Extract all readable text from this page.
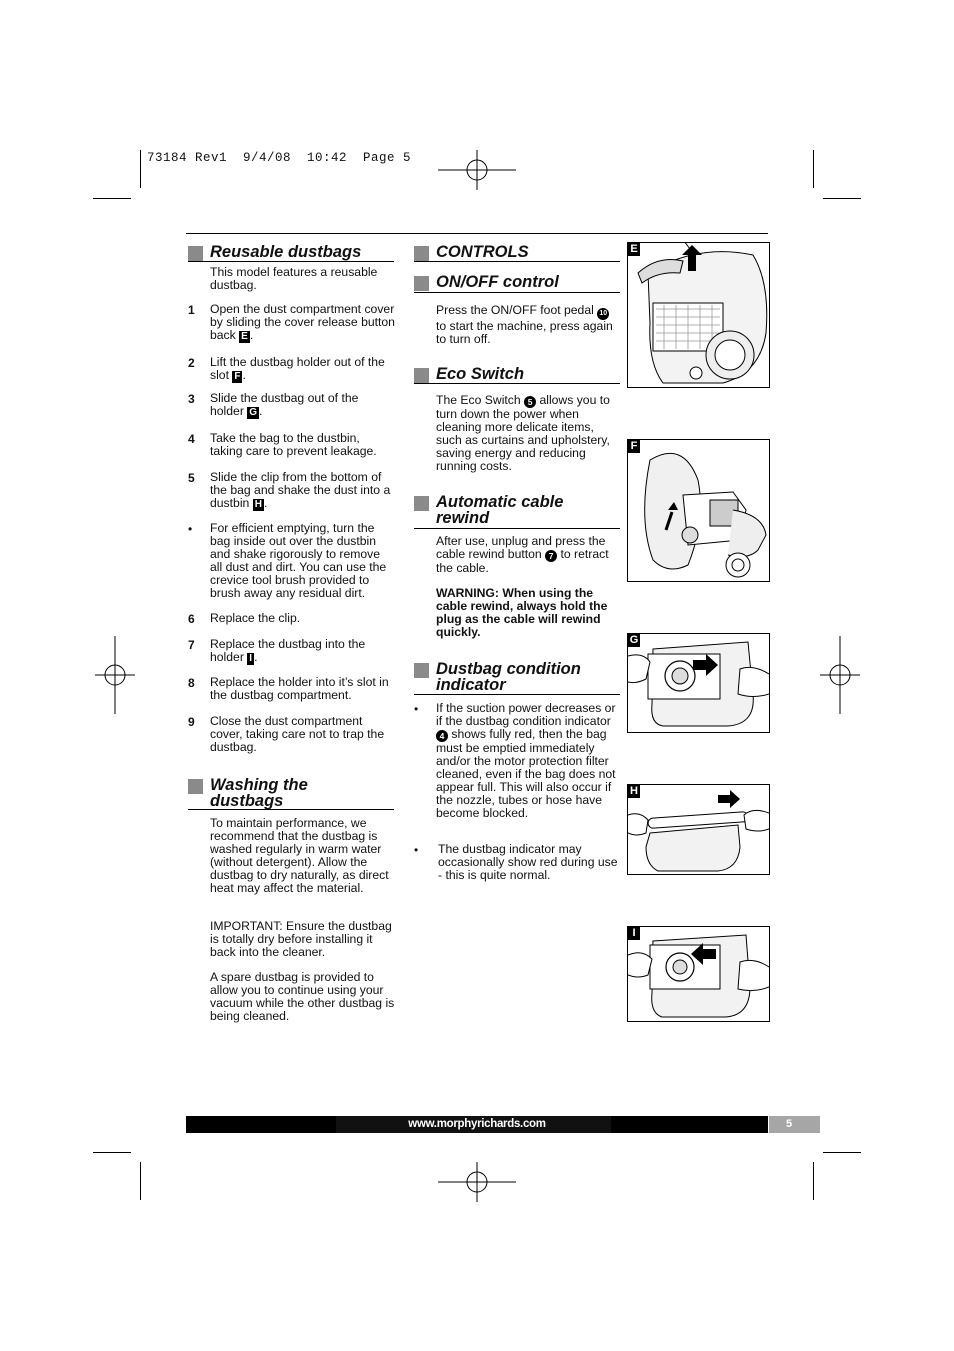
73184 Rev1  9/4/08  10:42  Page 5
Reusable dustbags
This model features a reusable dustbag.
1 Open the dust compartment cover by sliding the cover release button back E .
2 Lift the dustbag holder out of the slot F .
3 Slide the dustbag out of the holder G .
4 Take the bag to the dustbin, taking care to prevent leakage.
5 Slide the clip from the bottom of the bag and shake the dust into a dustbin H .
• For efficient emptying, turn the bag inside out over the dustbin and shake rigorously to remove all dust and dirt. You can use the crevice tool brush provided to brush away any residual dirt.
6 Replace the clip.
7 Replace the dustbag into the holder I .
8 Replace the holder into it’s slot in the dustbag compartment.
9 Close the dust compartment cover, taking care not to trap the dustbag.
Washing the
dustbags
To maintain performance, we recommend that the dustbag is washed regularly in warm water (without detergent). Allow the dustbag to dry naturally, as direct heat may affect the material.
IMPORTANT: Ensure the dustbag is totally dry before installing it back into the cleaner.
A spare dustbag is provided to allow you to continue using your vacuum while the other dustbag is being cleaned.
CONTROLS
ON/OFF control
Press the ON/OFF foot pedal 10 to start the machine, press again to turn off.
Eco Switch
The Eco Switch 5 allows you to turn down the power when cleaning more delicate items, such as curtains and upholstery, saving energy and reducing running costs.
Automatic cable
rewind
After use, unplug and press the cable rewind button 7 to retract the cable.
WARNING: When using the cable rewind, always hold the plug as the cable will rewind quickly.
Dustbag condition
indicator
• If the suction power decreases or if the dustbag condition indicator 4 shows fully red, then the bag must be emptied immediately and/or the motor protection filter cleaned, even if the bag does not appear full. This will also occur if the nozzle, tubes or hose have become blocked.
• The dustbag indicator may occasionally show red during use - this is quite normal.
E
F
G
H
I
www.morphyrichards.com	5
